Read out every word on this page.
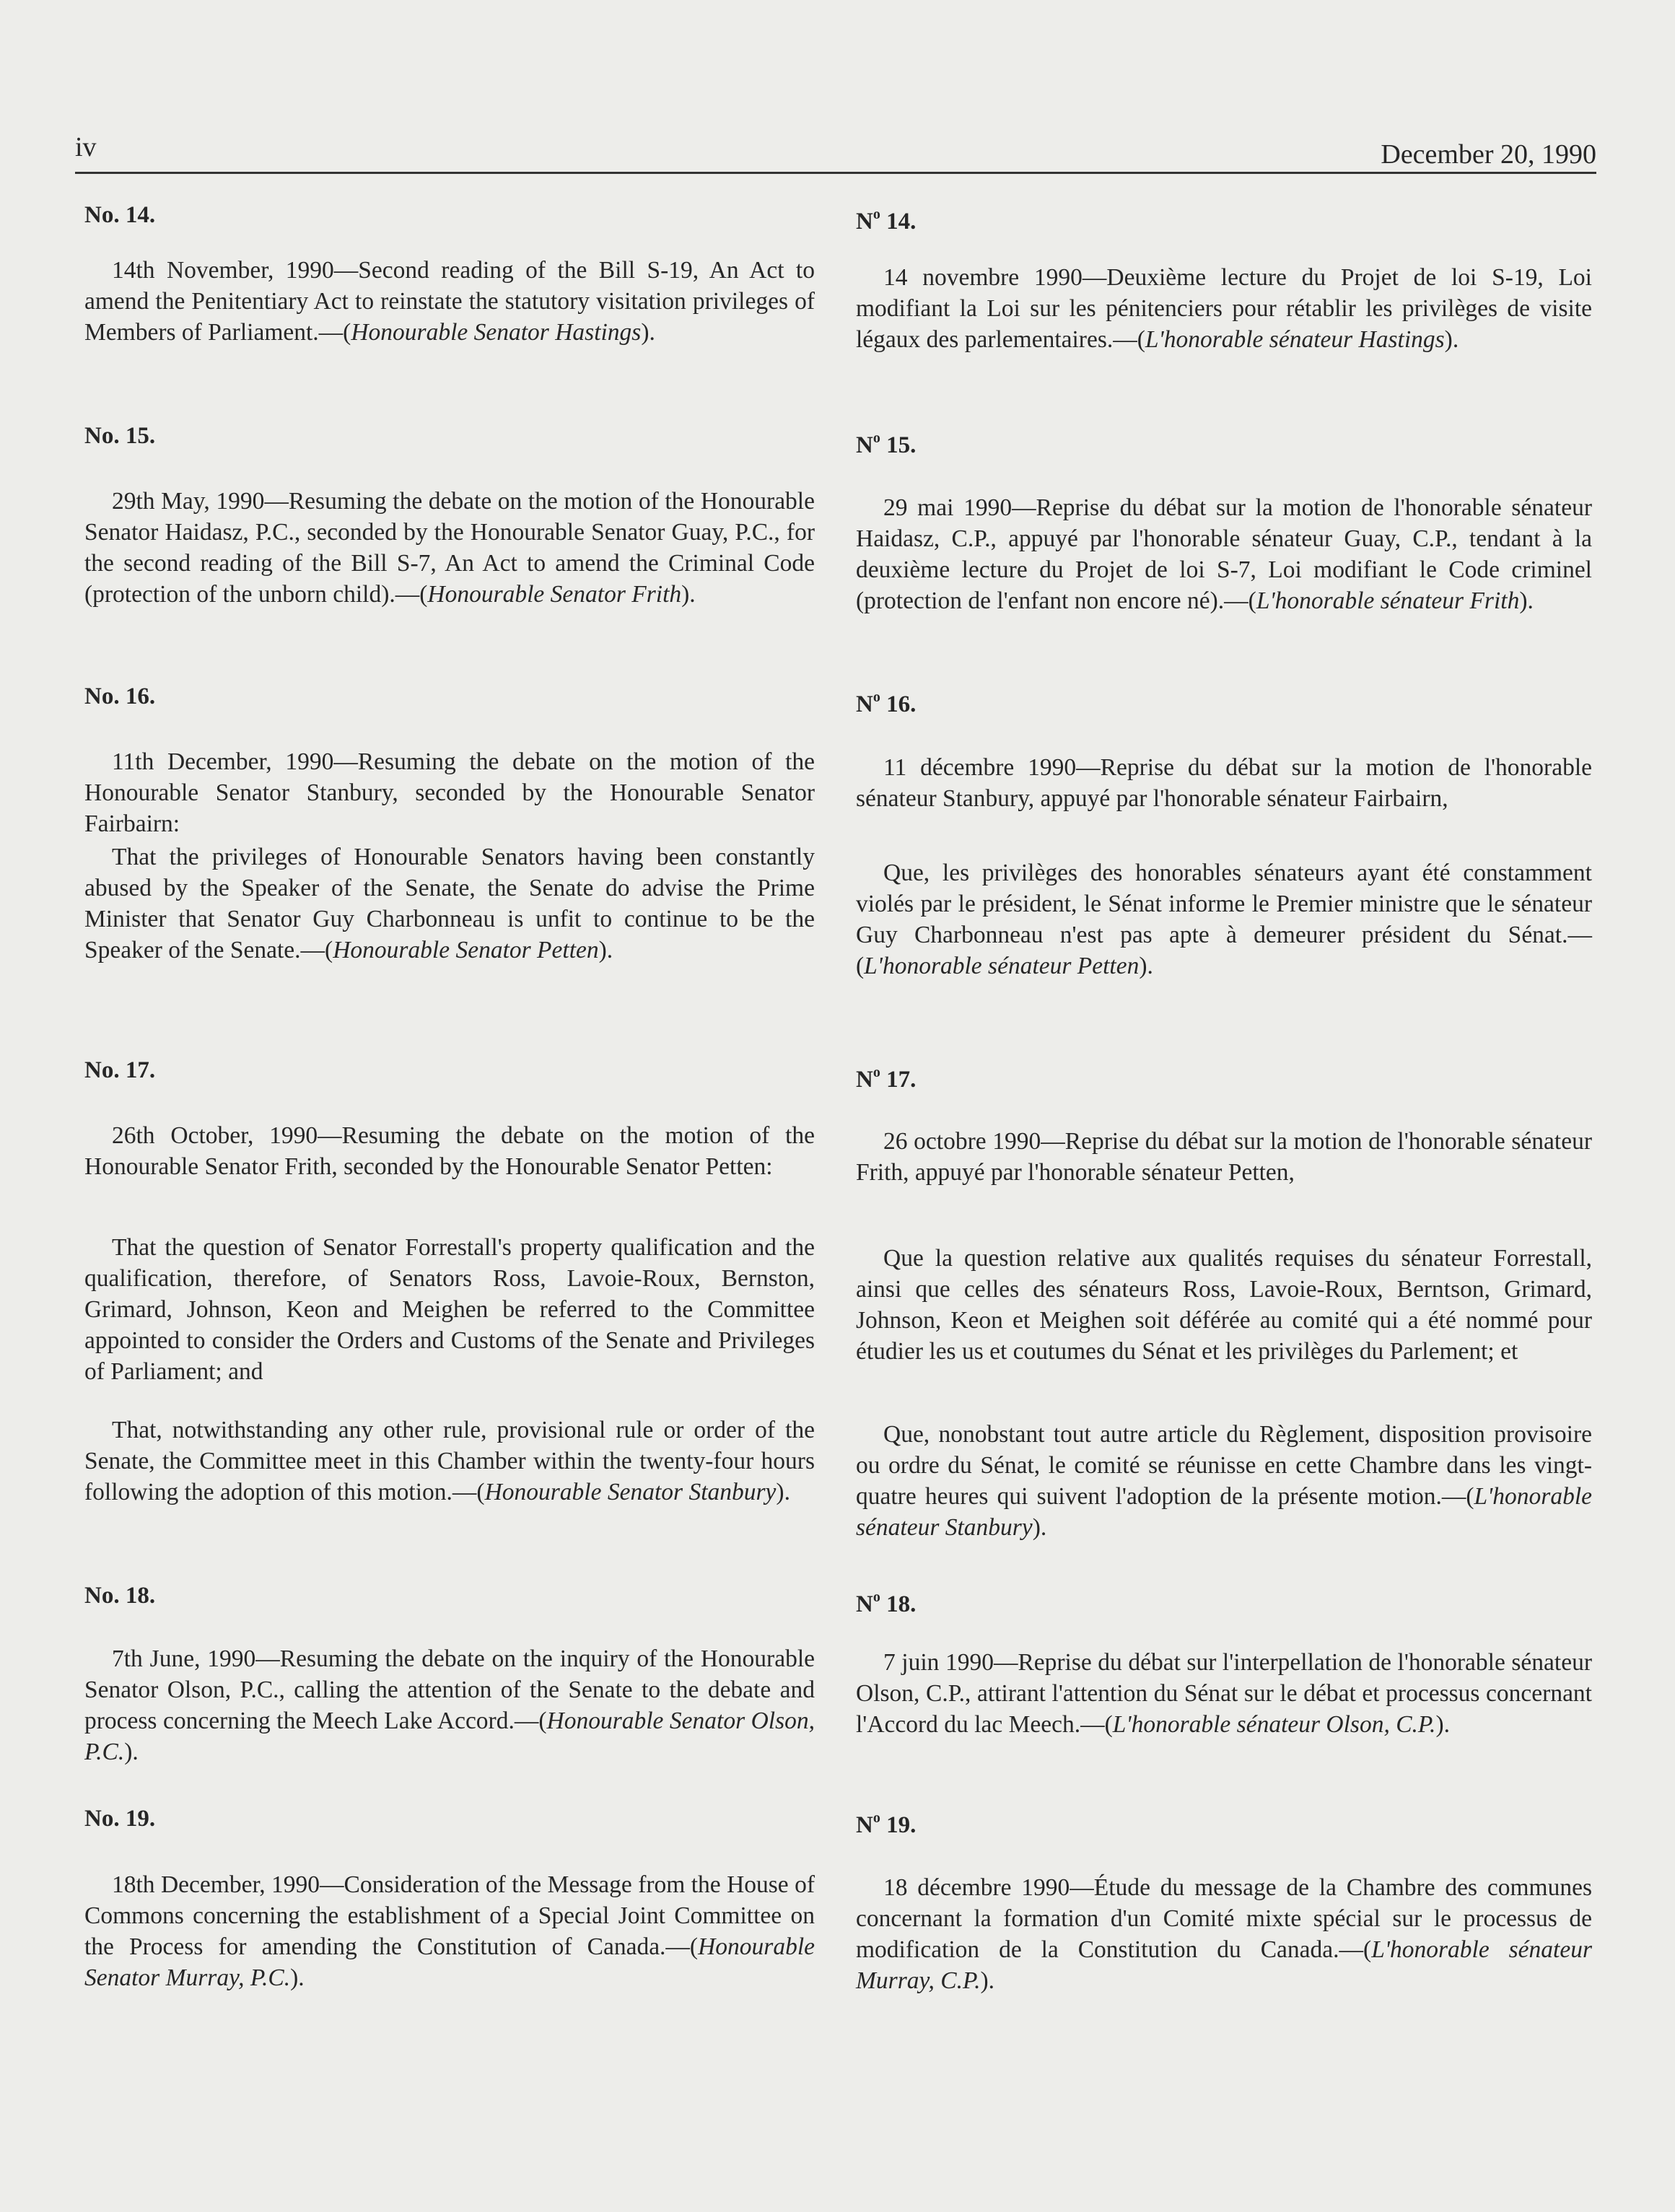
iv	December 20, 1990
No. 14.

14th November, 1990—Second reading of the Bill S-19, An Act to amend the Penitentiary Act to reinstate the statutory visitation privileges of Members of Parliament.—(Honourable Senator Hastings).

No. 15.

29th May, 1990—Resuming the debate on the motion of the Honourable Senator Haidasz, P.C., seconded by the Honourable Senator Guay, P.C., for the second reading of the Bill S-7, An Act to amend the Criminal Code (protection of the unborn child).—(Honourable Senator Frith).

No. 16.

11th December, 1990—Resuming the debate on the motion of the Honourable Senator Stanbury, seconded by the Honourable Senator Fairbairn:

That the privileges of Honourable Senators having been constantly abused by the Speaker of the Senate, the Senate do advise the Prime Minister that Senator Guy Charbonneau is unfit to continue to be the Speaker of the Senate.—(Honourable Senator Petten).

No. 17.

26th October, 1990—Resuming the debate on the motion of the Honourable Senator Frith, seconded by the Honourable Senator Petten:

That the question of Senator Forrestall's property qualification and the qualification, therefore, of Senators Ross, Lavoie-Roux, Bernston, Grimard, Johnson, Keon and Meighen be referred to the Committee appointed to consider the Orders and Customs of the Senate and Privileges of Parliament; and

That, notwithstanding any other rule, provisional rule or order of the Senate, the Committee meet in this Chamber within the twenty-four hours following the adoption of this motion.—(Honourable Senator Stanbury).

No. 18.

7th June, 1990—Resuming the debate on the inquiry of the Honourable Senator Olson, P.C., calling the attention of the Senate to the debate and process concerning the Meech Lake Accord.—(Honourable Senator Olson, P.C.).

No. 19.

18th December, 1990—Consideration of the Message from the House of Commons concerning the establishment of a Special Joint Committee on the Process for amending the Constitution of Canada.—(Honourable Senator Murray, P.C.).

$N^o$ 14.

14 novembre 1990—Deuxième lecture du Projet de loi S-19, Loi modifiant la Loi sur les pénitenciers pour rétablir les privilèges de visite légaux des parlementaires.—(L'honorable sénateur Hastings).

$N^o$ 15.

29 mai 1990—Reprise du débat sur la motion de l'honorable sénateur Haidasz, C.P., appuyé par l'honorable sénateur Guay, C.P., tendant à la deuxième lecture du Projet de loi S-7, Loi modifiant le Code criminel (protection de l'enfant non encore né).—(L'honorable sénateur Frith).

$N^o$ 16.

11 décembre 1990—Reprise du débat sur la motion de l'honorable sénateur Stanbury, appuyé par l'honorable sénateur Fairbairn,

Que, les privilèges des honorables sénateurs ayant été constamment violés par le président, le Sénat informe le Premier ministre que le sénateur Guy Charbonneau n'est pas apte à demeurer président du Sénat.—(L'honorable sénateur Petten).

$N^o$ 17.

26 octobre 1990—Reprise du débat sur la motion de l'honorable sénateur Frith, appuyé par l'honorable sénateur Petten,

Que la question relative aux qualités requises du sénateur Forrestall, ainsi que celles des sénateurs Ross, Lavoie-Roux, Berntson, Grimard, Johnson, Keon et Meighen soit déférée au comité qui a été nommé pour étudier les us et coutumes du Sénat et les privilèges du Parlement; et

Que, nonobstant tout autre article du Règlement, disposition provisoire ou ordre du Sénat, le comité se réunisse en cette Chambre dans les vingt-quatre heures qui suivent l'adoption de la présente motion.—(L'honorable sénateur Stanbury).

$N^o$ 18.

7 juin 1990—Reprise du débat sur l'interpellation de l'honorable sénateur Olson, C.P., attirant l'attention du Sénat sur le débat et processus concernant l'Accord du lac Meech.—(L'honorable sénateur Olson, C.P.).

$N^o$ 19.

18 décembre 1990—Étude du message de la Chambre des communes concernant la formation d'un Comité mixte spécial sur le processus de modification de la Constitution du Canada.—(L'honorable sénateur Murray, C.P.).
